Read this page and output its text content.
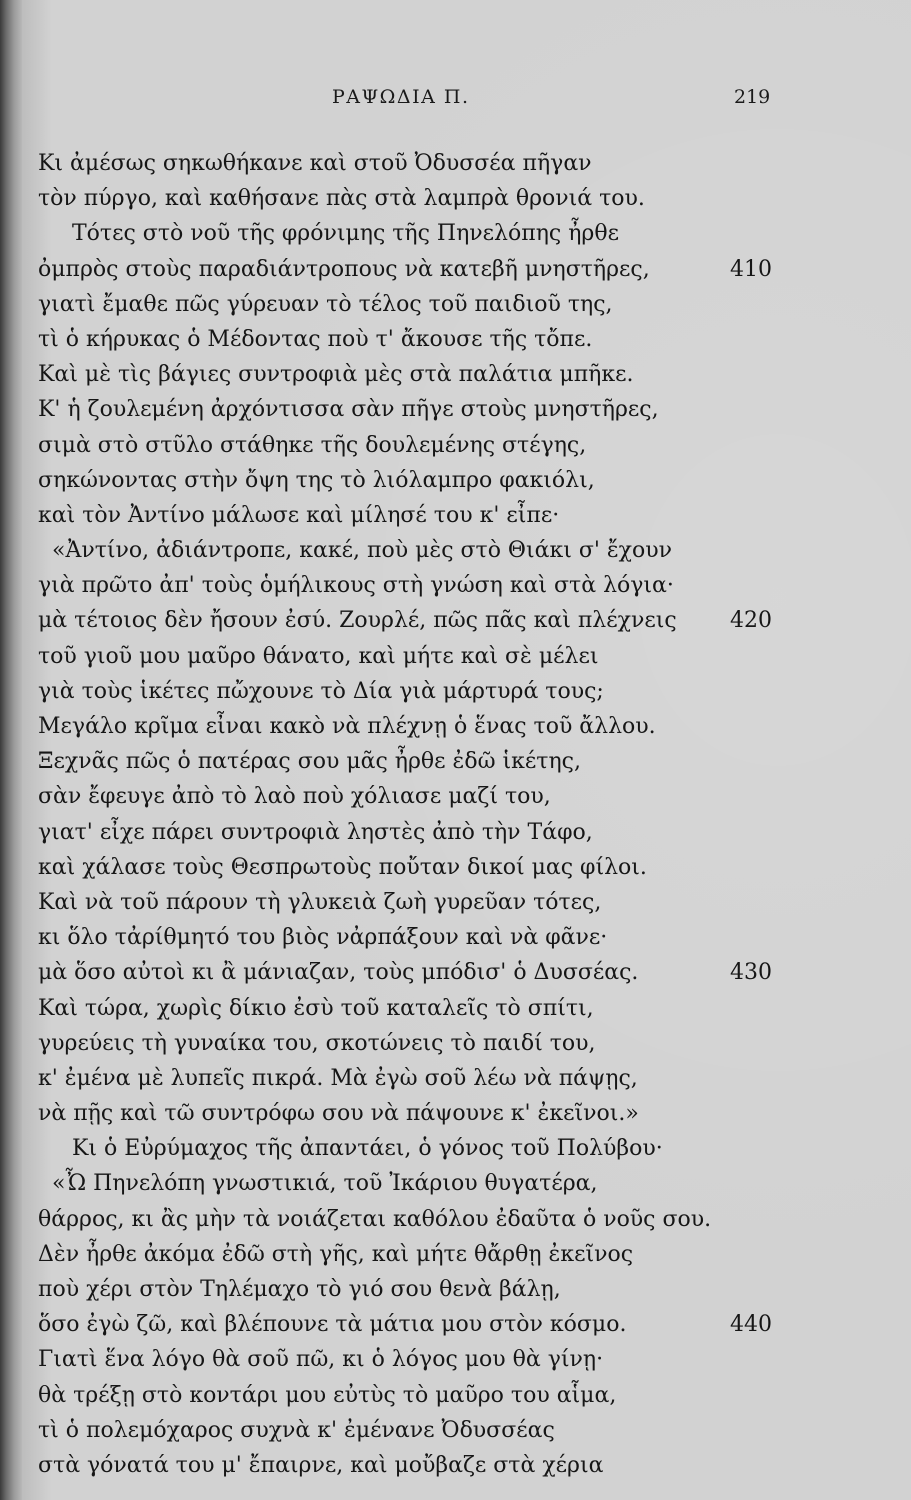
ΡΑΨΩΔΙΑ Π.	219
Κι ἀμέσως σηκωθήκανε καὶ στοῦ Ὀδυσσέα πῆγαν
τὸν πύργο, καὶ καθήσανε πὰς στὰ λαμπρὰ θρονιά του.
Τότες στὸ νοῦ τῆς φρόνιμης τῆς Πηνελόπης ἦρθε
ὀμπρὸς στοὺς παραδιάντροπους νὰ κατεβῆ μνηστῆρες,	410
γιατὶ ἔμαθε πῶς γύρευαν τὸ τέλος τοῦ παιδιοῦ της,
τὶ ὁ κήρυκας ὁ Μέδοντας ποὺ τ' ἄκουσε τῆς τὄπε.
Καὶ μὲ τὶς βάγιες συντροφιὰ μὲς στὰ παλάτια μπῆκε.
Κ' ἡ ζουλεμένη ἀρχόντισσα σὰν πῆγε στοὺς μνηστῆρες,
σιμὰ στὸ στῦλο στάθηκε τῆς δουλεμένης στέγης,
σηκώνοντας στὴν ὄψη της τὸ λιόλαμπρο φακιόλι,
καὶ τὸν Ἀντίνο μάλωσε καὶ μίλησέ του κ' εἶπε·
«Ἀντίνο, ἀδιάντροπε, κακέ, ποὺ μὲς στὸ Θιάκι σ' ἔχουν
γιὰ πρῶτο ἀπ' τοὺς ὁμήλικους στὴ γνώση καὶ στὰ λόγια·
μὰ τέτοιος δὲν ἤσουν ἐσύ. Ζουρλέ, πῶς πᾶς καὶ πλέχνεις 420
τοῦ γιοῦ μου μαῦρο θάνατο, καὶ μήτε καὶ σὲ μέλει
γιὰ τοὺς ἱκέτες πὤχουνε τὸ Δία γιὰ μάρτυρά τους;
Μεγάλο κρῖμα εἶναι κακὸ νὰ πλέχνῃ ὁ ἕνας τοῦ ἄλλου.
Ξεχνᾶς πῶς ὁ πατέρας σου μᾶς ἦρθε ἐδῶ ἱκέτης,
σὰν ἔφευγε ἀπὸ τὸ λαὸ ποὺ χόλιασε μαζί του,
γιατ' εἶχε πάρει συντροφιὰ ληστὲς ἀπὸ τὴν Τάφο,
καὶ χάλασε τοὺς Θεσπρωτοὺς ποὔταν δικοί μας φίλοι.
Καὶ νὰ τοῦ πάρουν τὴ γλυκειὰ ζωὴ γυρεῦαν τότες,
κι ὅλο τἀρίθμητό του βιὸς νἀρπάξουν καὶ νὰ φᾶνε·
μὰ ὅσο αὐτοὶ κι ἂ μάνιαζαν, τοὺς μπόδισ' ὁ Δυσσέας.	430
Καὶ τώρα, χωρὶς δίκιο ἐσὺ τοῦ καταλεῖς τὸ σπίτι,
γυρεύεις τὴ γυναίκα του, σκοτώνεις τὸ παιδί του,
κ' ἐμένα μὲ λυπεῖς πικρά. Μὰ ἐγὼ σοῦ λέω νὰ πάψῃς,
νὰ πῇς καὶ τῶ συντρόφω σου νὰ πάψουνε κ' ἐκεῖνοι.»
Κι ὁ Εὐρύμαχος τῆς ἀπαντάει, ὁ γόνος τοῦ Πολύβου·
«Ὦ Πηνελόπη γνωστικιά, τοῦ Ἰκάριου θυγατέρα,
θάρρος, κι ἂς μὴν τὰ νοιάζεται καθόλου ἐδαῦτα ὁ νοῦς σου.
Δὲν ἦρθε ἀκόμα ἐδῶ στὴ γῆς, καὶ μήτε θἄρθῃ ἐκεῖνος
ποὺ χέρι στὸν Τηλέμαχο τὸ γιό σου θενὰ βάλῃ,
ὅσο ἐγὼ ζῶ, καὶ βλέπουνε τὰ μάτια μου στὸν κόσμο.	440
Γιατὶ ἕνα λόγο θὰ σοῦ πῶ, κι ὁ λόγος μου θὰ γίνῃ·
θὰ τρέξῃ στὸ κοντάρι μου εὐτὺς τὸ μαῦρο του αἷμα,
τὶ ὁ πολεμόχαρος συχνὰ κ' ἐμένανε Ὀδυσσέας
στὰ γόνατά του μ' ἔπαιρνε, καὶ μοὔβαζε στὰ χέρια
